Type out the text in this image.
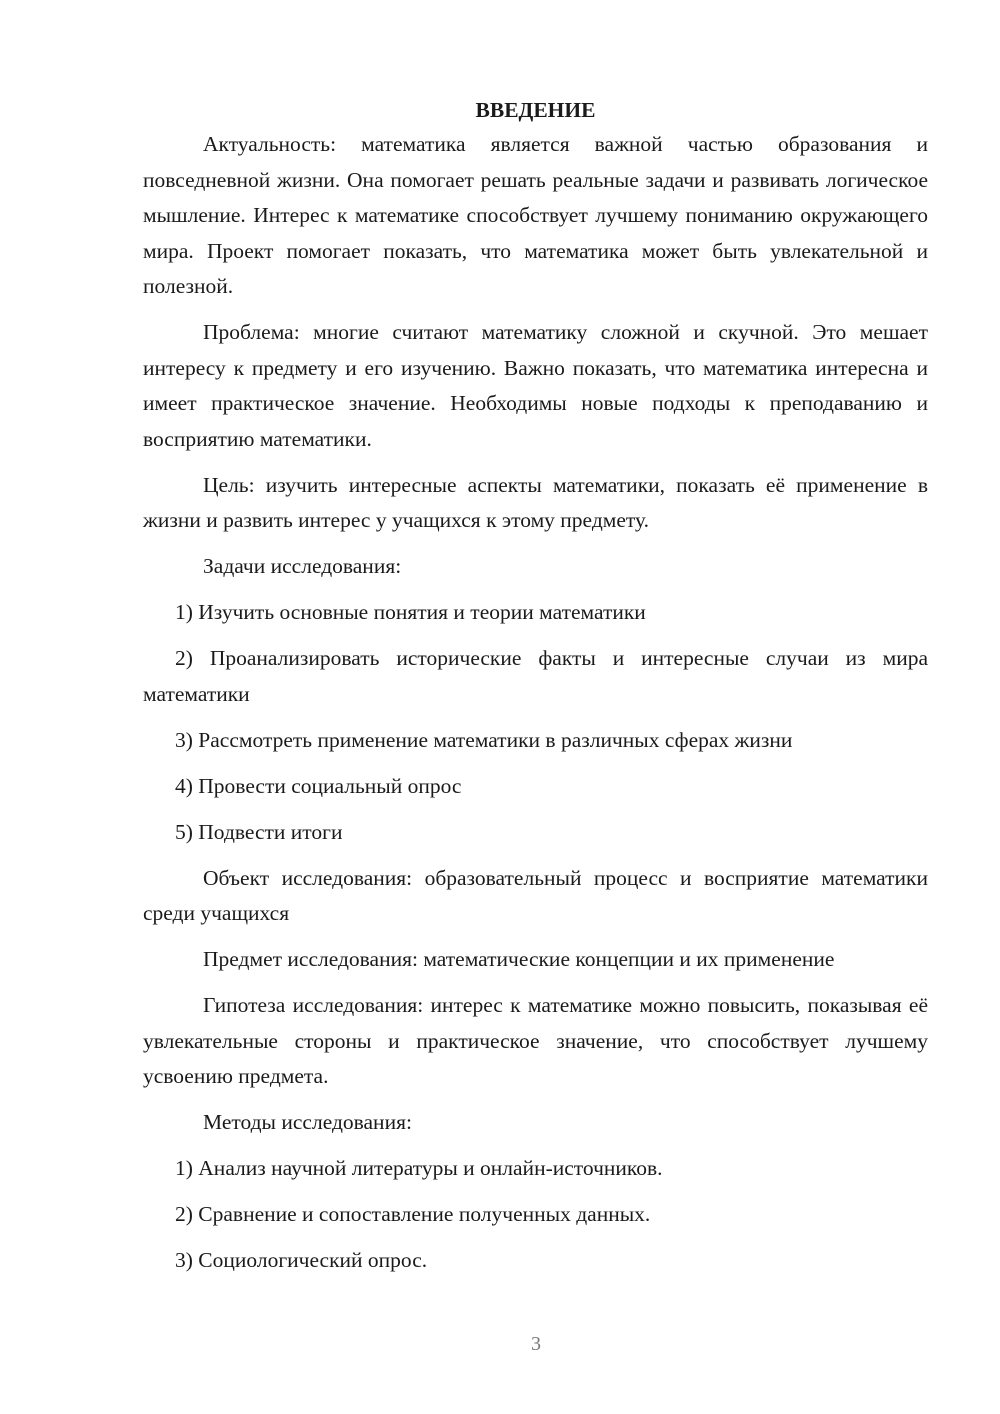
ВВЕДЕНИЕ

Актуальность: математика является важной частью образования и повседневной жизни. Она помогает решать реальные задачи и развивать логическое мышление. Интерес к математике способствует лучшему пониманию окружающего мира. Проект помогает показать, что математика может быть увлекательной и полезной.

Проблема: многие считают математику сложной и скучной. Это мешает интересу к предмету и его изучению. Важно показать, что математика интересна и имеет практическое значение. Необходимы новые подходы к преподаванию и восприятию математики.

Цель: изучить интересные аспекты математики, показать её применение в жизни и развить интерес у учащихся к этому предмету.

Задачи исследования:

1) Изучить основные понятия и теории математики

2) Проанализировать исторические факты и интересные случаи из мира математики

3) Рассмотреть применение математики в различных сферах жизни

4) Провести социальный опрос

5) Подвести итоги

Объект исследования: образовательный процесс и восприятие математики среди учащихся

Предмет исследования: математические концепции и их применение

Гипотеза исследования: интерес к математике можно повысить, показывая её увлекательные стороны и практическое значение, что способствует лучшему усвоению предмета.

Методы исследования:

1) Анализ научной литературы и онлайн-источников.

2) Сравнение и сопоставление полученных данных.

3) Социологический опрос.

3
